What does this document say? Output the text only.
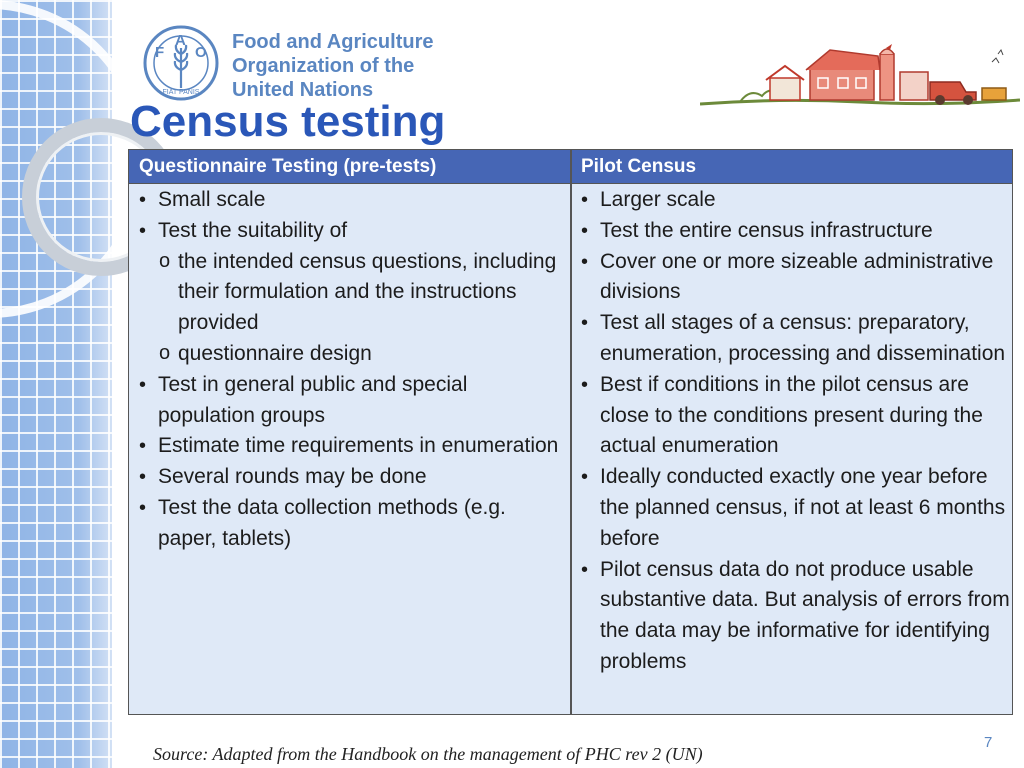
F
A
O
FIAT PANIS
Food and Agriculture
Organization of the
United Nations
Census testing
Questionnaire Testing (pre-tests)	Pilot Census
• Small scale
• Test the suitability of
o the intended census questions, including their formulation and the instructions provided
o questionnaire design
• Test in general public and special population groups
• Estimate time requirements in enumeration
• Several rounds may be done
• Test the data collection methods (e.g. paper, tablets)
• Larger scale
• Test the entire census infrastructure
• Cover one or more sizeable administrative divisions
• Test all stages of a census: preparatory, enumeration, processing and dissemination
• Best if conditions in the pilot census are close to the conditions present during the actual enumeration
• Ideally conducted exactly one year before the planned census, if not at least 6 months before
• Pilot census data do not produce usable substantive data. But analysis of errors from the data may be informative for identifying problems
7
Source: Adapted from the Handbook on the management of PHC rev 2 (UN)
